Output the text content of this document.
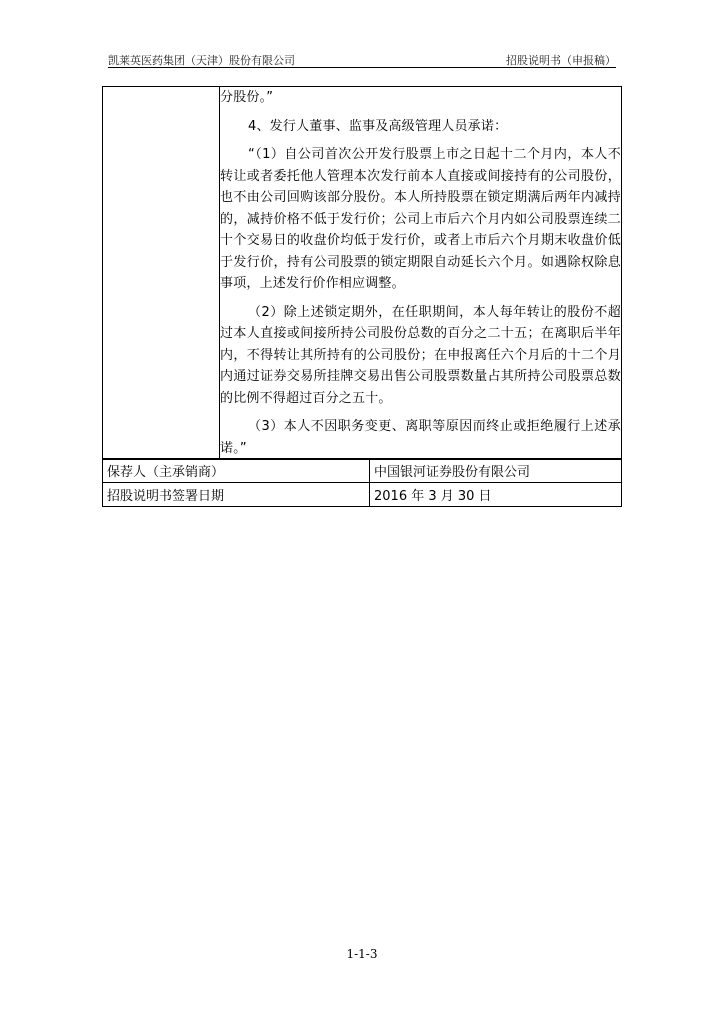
凯莱英医药集团（天津）股份有限公司	招股说明书（申报稿）

分股份。”

4、发行人董事、监事及高级管理人员承诺：

“（1）自公司首次公开发行股票上市之日起十二个月内，本人不转让或者委托他人管理本次发行前本人直接或间接持有的公司股份，也不由公司回购该部分股份。本人所持股票在锁定期满后两年内减持的，减持价格不低于发行价；公司上市后六个月内如公司股票连续二十个交易日的收盘价均低于发行价，或者上市后六个月期末收盘价低于发行价，持有公司股票的锁定期限自动延长六个月。如遇除权除息事项，上述发行价作相应调整。

（2）除上述锁定期外，在任职期间，本人每年转让的股份不超过本人直接或间接所持公司股份总数的百分之二十五；在离职后半年内，不得转让其所持有的公司股份；在申报离任六个月后的十二个月内通过证券交易所挂牌交易出售公司股票数量占其所持公司股票总数的比例不得超过百分之五十。

（3）本人不因职务变更、离职等原因而终止或拒绝履行上述承诺。”

保荐人（主承销商）	中国银河证券股份有限公司
招股说明书签署日期	2016 年 3 月 30 日
1-1-3
